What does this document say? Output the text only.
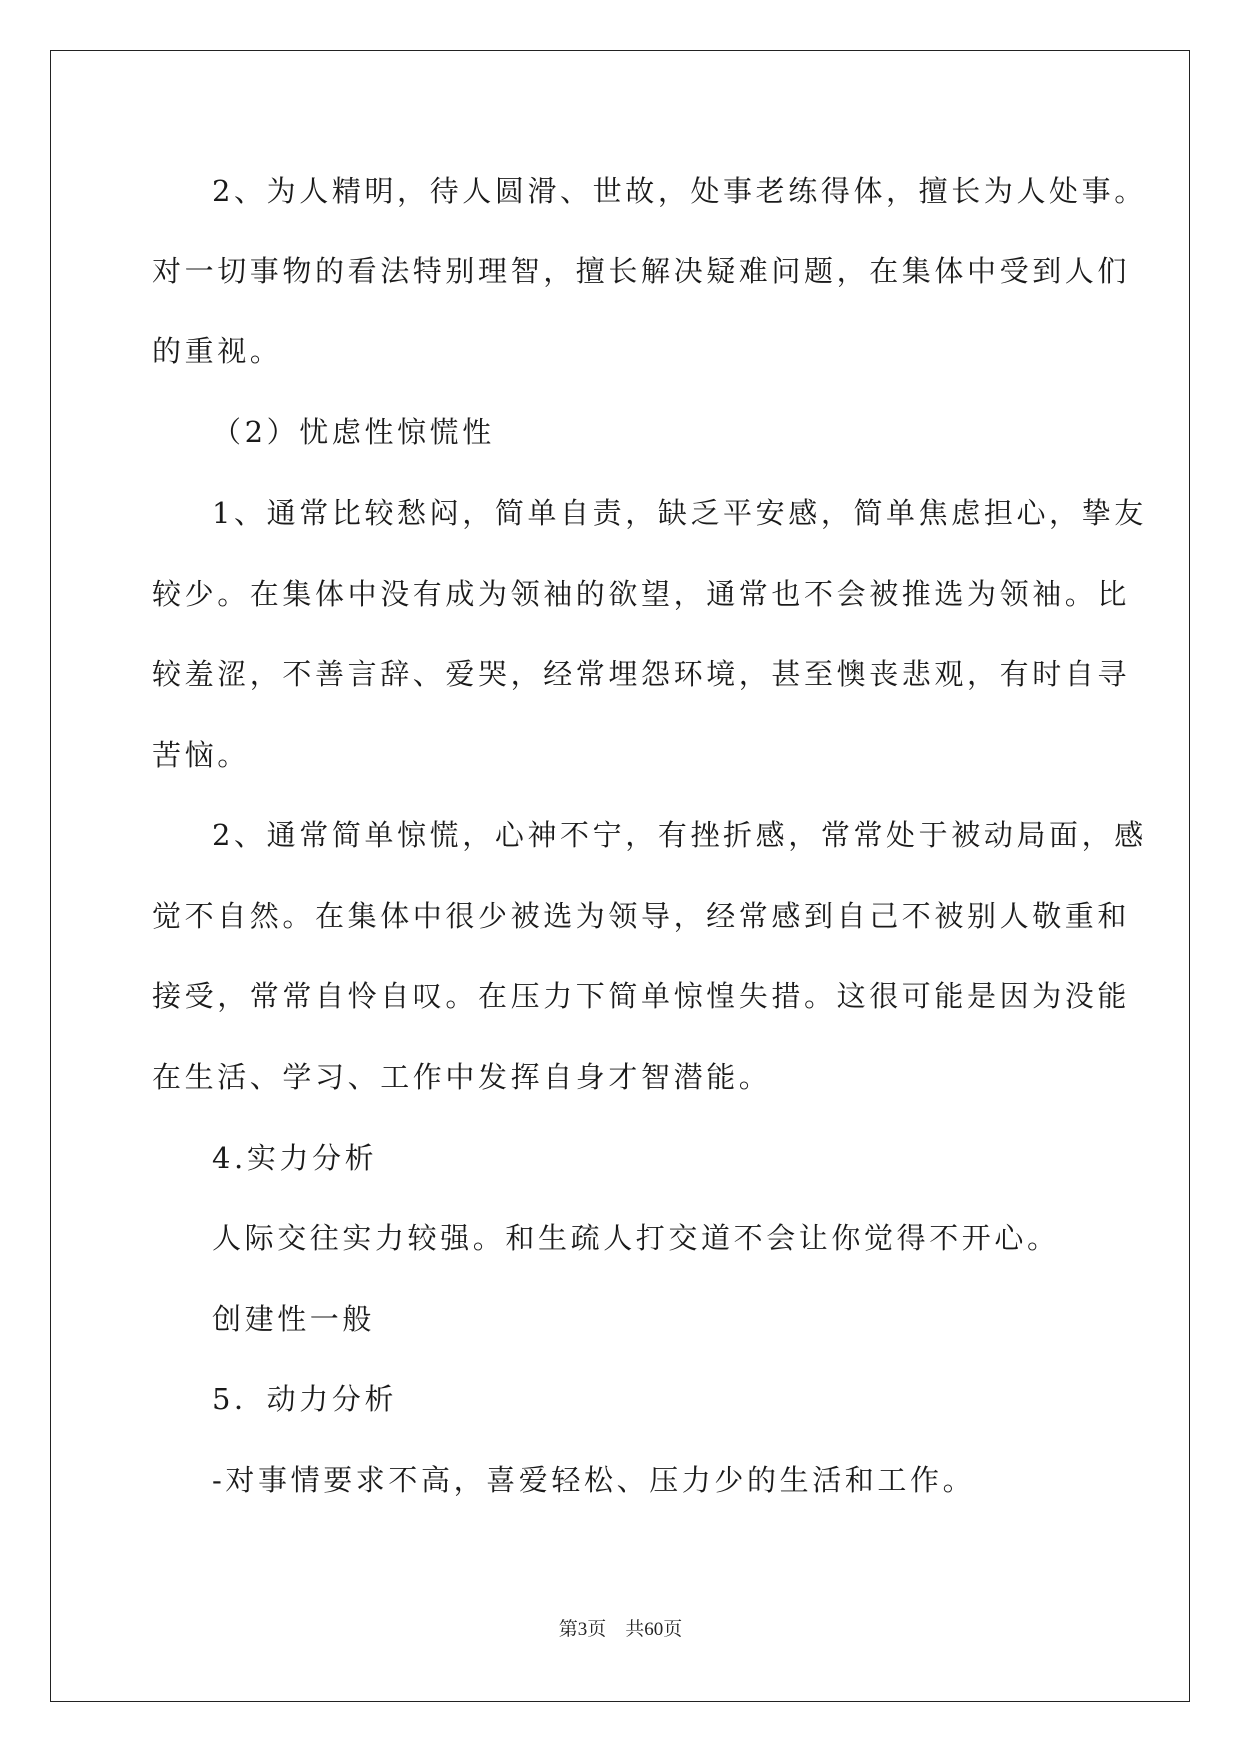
2、为人精明，待人圆滑、世故，处事老练得体，擅长为人处事。
对一切事物的看法特别理智，擅长解决疑难问题，在集体中受到人们
的重视。
（2）忧虑性惊慌性
1、通常比较愁闷，简单自责，缺乏平安感，简单焦虑担心，挚友
较少。在集体中没有成为领袖的欲望，通常也不会被推选为领袖。比
较羞涩，不善言辞、爱哭，经常埋怨环境，甚至懊丧悲观，有时自寻
苦恼。
2、通常简单惊慌，心神不宁，有挫折感，常常处于被动局面，感
觉不自然。在集体中很少被选为领导，经常感到自己不被别人敬重和
接受，常常自怜自叹。在压力下简单惊惶失措。这很可能是因为没能
在生活、学习、工作中发挥自身才智潜能。
4.实力分析
人际交往实力较强。和生疏人打交道不会让你觉得不开心。
创建性一般
5．动力分析
-对事情要求不高，喜爱轻松、压力少的生活和工作。
第3页　共60页
